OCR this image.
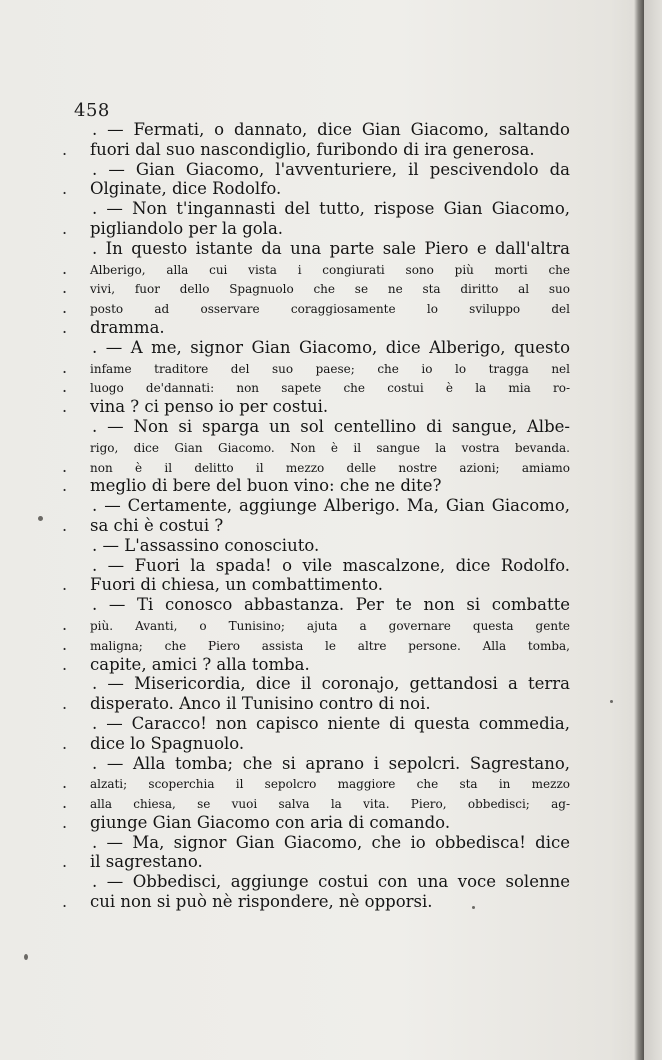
458
. — Fermati, o dannato, dice Gian Giacomo, saltando
. fuori dal suo nascondiglio, furibondo di ira generosa.
. — Gian Giacomo, l'avventuriere, il pescivendolo da
. Olginate, dice Rodolfo.
. — Non t'ingannasti del tutto, rispose Gian Giacomo,
. pigliandolo per la gola.
. In questo istante da una parte sale Piero e dall'altra
. Alberigo, alla cui vista i congiurati sono più morti che
. vivi, fuor dello Spagnuolo che se ne sta diritto al suo
. posto ad osservare coraggiosamente lo sviluppo del
. dramma.
. — A me, signor Gian Giacomo, dice Alberigo, questo
. infame traditore del suo paese; che io lo tragga nel
. luogo de'dannati: non sapete che costui è la mia ro-
. vina ? ci penso io per costui.
. — Non si sparga un sol centellino di sangue, Albe-
rigo, dice Gian Giacomo. Non è il sangue la vostra bevanda.
. non è il delitto il mezzo delle nostre azioni; amiamo
. meglio di bere del buon vino: che ne dite?
. — Certamente, aggiunge Alberigo. Ma, Gian Giacomo,
. sa chi è costui ?
. — L'assassino conosciuto.
. — Fuori la spada! o vile mascalzone, dice Rodolfo.
. Fuori di chiesa, un combattimento.
. — Ti conosco abbastanza. Per te non si combatte
. più. Avanti, o Tunisino; ajuta a governare questa gente
. maligna; che Piero assista le altre persone. Alla tomba,
. capite, amici ? alla tomba.
. — Misericordia, dice il coronajo, gettandosi a terra
. disperato. Anco il Tunisino contro di noi.
. — Caracco! non capisco niente di questa commedia,
. dice lo Spagnuolo.
. — Alla tomba; che si aprano i sepolcri. Sagrestano,
. alzati; scoperchia il sepolcro maggiore che sta in mezzo
. alla chiesa, se vuoi salva la vita. Piero, obbedisci; ag-
. giunge Gian Giacomo con aria di comando.
. — Ma, signor Gian Giacomo, che io obbedisca! dice
. il sagrestano.
. — Obbedisci, aggiunge costui con una voce solenne
. cui non si può nè rispondere, nè opporsi.
